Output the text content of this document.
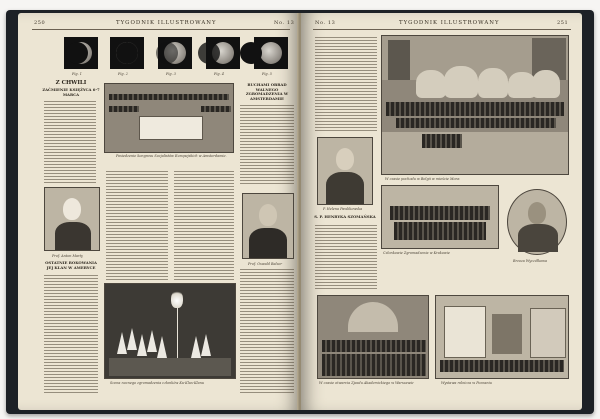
250	TYGODNIK ILLUSTROWANY	No. 13
Fig. 1	Fig. 2	Fig. 3	Fig. 4	Fig. 5
Z CHWILI
ZAĆMIENIE KSIĘŻYCA 6-7 MARCA
Posiedzenie kongresu Socjalistów Europejskich w Amsterdamie.
RUCHAMI OBRAD WALNEGO ZGROMADZENIA W AMSTERDAMIE
Prof. Anton Marty
Prof. Oswald Balzer
OSTATNIE ROKOWANIA JEJ KLAN W AMERYCE
Scena nocnego zgromadzenia członków Ku-Klux-Klanu
No. 13	TYGODNIK ILLUSTROWANY	251
W czasie pochodu w Belgii w mieście Mons
P. Helena Pawlikowska
S. P. HENRYKA SZOMAŃSKA
Członkowie Zgromadzenia w Krakowie
Brzoza Wyczółkowa
W czasie otwarcia Zjazdu Akademickiego w Warszawie	Wystawa rolnicza w Poznaniu
